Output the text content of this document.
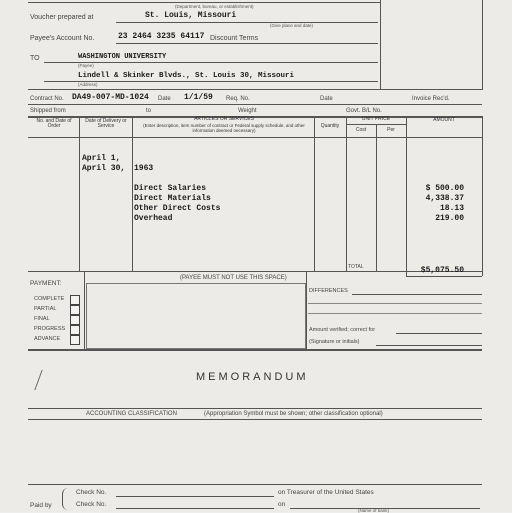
(Department, bureau, or establishment)
Voucher prepared at	St. Louis, Missouri
(Give place and date)
Payee's Account No.	23 2464 3235 64117 Discount Terms
TO	WASHINGTON UNIVERSITY
(Payee)
Lindell & Skinker Blvds., St. Louis 30, Missouri
(Address)
Contract No. DA49-007-MD-1024 Date 1/1/59 Req. No.	Date	Invoice Rec'd.
Shipped from	to	Weight	Govt. B/L No.
No. and Date of Order
Date of Delivery or Service
ARTICLES OR SERVICES
(Enter description, item number of contract or Federal supply schedule, and other information deemed necessary)
Quantity
UNIT PRICE
Cost	Per
AMOUNT
April 1,
April 30, 1963
Direct Salaries	$ 500.00
Direct Materials	4,338.37
Other Direct Costs	18.13
Overhead	219.00
TOTAL	$5,075.50
PAYMENT:
COMPLETE
PARTIAL
FINAL
PROGRESS
ADVANCE
(PAYEE MUST NOT USE THIS SPACE)
DIFFERENCES
Amount verified; correct for
(Signature or initials)
MEMORANDUM
ACCOUNTING CLASSIFICATION	(Appropriation Symbol must be shown; other classification optional)
Paid by
Check No.	on Treasurer of the United States
Check No.	on
(Name of bank)
